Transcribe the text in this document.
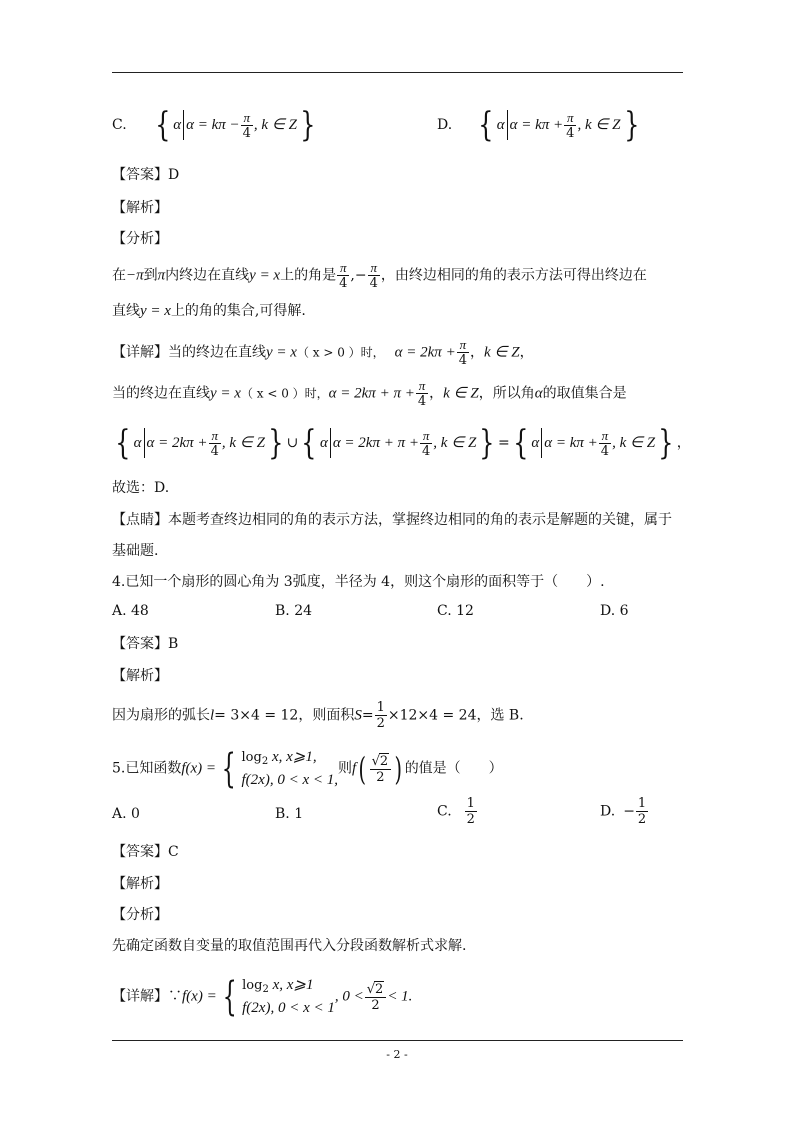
C. { α $\alpha = k\pi - \frac{\pi}{4}$ , k ∈ Z}	D. { α $\alpha = k\pi + \frac{\pi}{4}$ , k ∈ Z}
【答案】D
【解析】
【分析】
在−π到π内终边在直线y = x上的角是 $\frac{\pi}{4}$ ,− $\frac{\pi}{4}$ ，由终边相同的角的表示方法可得出终边在
直线y = x上的角的集合,可得解.
【详解】当的终边在直线y = x（ x > 0 ）时， $\alpha = 2k\pi + \frac{\pi}{4}$ ，k ∈ Z，
当的终边在直线y = x（ x < 0 ）时，$\alpha = 2k\pi + \pi + \frac{\pi}{4}$ ，k ∈ Z，所以角α的取值集合是
{ α $\alpha = 2k\pi + \frac{\pi}{4}$ , k ∈ Z} ∪{ α $\alpha = 2k\pi + \pi + \frac{\pi}{4}$ , k ∈ Z} ={ α $\alpha = k\pi + \frac{\pi}{4}$ , k ∈ Z} ，
故选：D.
【点睛】本题考查终边相同的角的表示方法，掌握终边相同的角的表示是解题的关键，属于
基础题.
4.已知一个扇形的圆心角为 3弧度，半径为 4，则这个扇形的面积等于（　　）.
A. 48	B. 24	C. 12	D. 6
【答案】B
【解析】
因为扇形的弧长l= 3×4 = 12，则面积$S= \frac{1}{2} \times 12\times 4 = 24$，选 B.
5.已知函数f(x) = { $\log_2 x$, x⩾1,
f(2x), 0 < x < 1,
则$f( \frac{√2}{2}$ ) 的值是（　　）
A. 0	B. 1	C. $\frac{1}{2}$	D. − $\frac{1}{2}$
【答案】C
【解析】
【分析】
先确定函数自变量的取值范围再代入分段函数解析式求解.
【详解】∵f(x) = { $\log_2 x$, x⩾1
f(2x), 0 < x < 1
, $0 < \frac{√2}{2} < 1$.
- 2 -
